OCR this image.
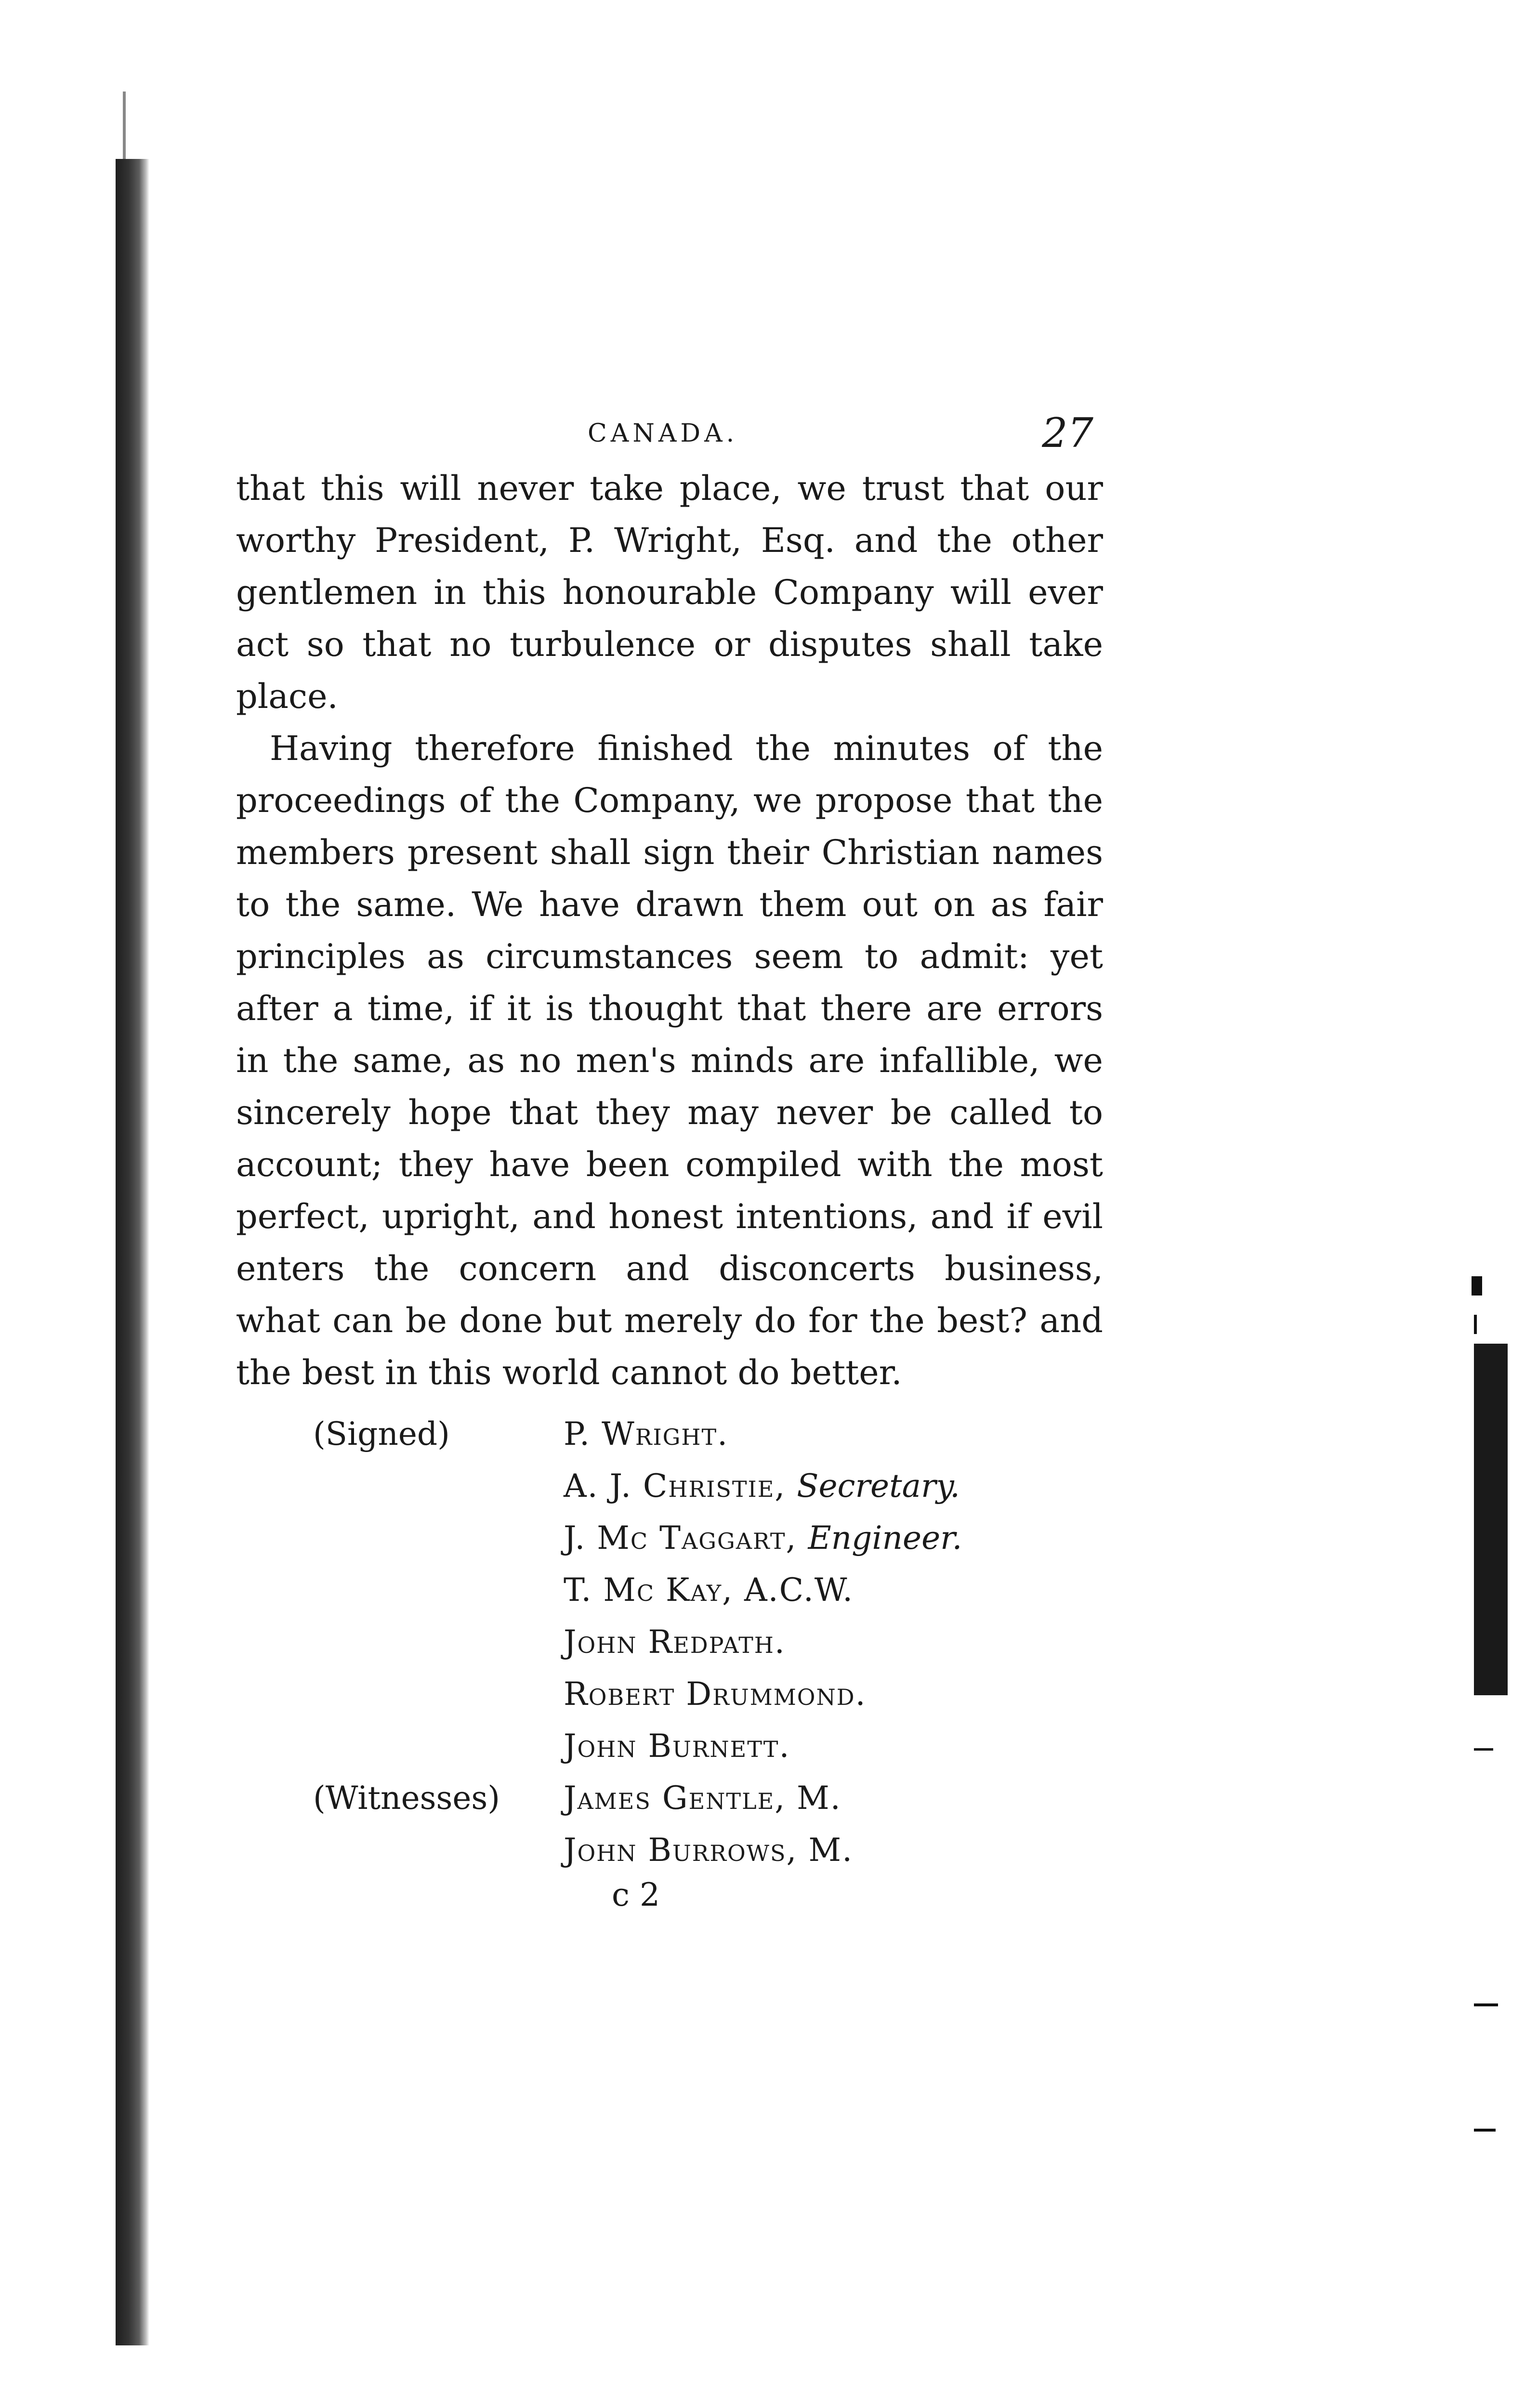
CANADA.	27

that this will never take place, we trust that our worthy President, P. Wright, Esq. and the other gentlemen in this honourable Company will ever act so that no turbulence or disputes shall take place.

Having therefore finished the minutes of the proceedings of the Company, we propose that the members present shall sign their Christian names to the same. We have drawn them out on as fair principles as circumstances seem to admit: yet after a time, if it is thought that there are errors in the same, as no men's minds are infallible, we sincerely hope that they may never be called to account; they have been compiled with the most perfect, upright, and honest intentions, and if evil enters the concern and disconcerts business, what can be done but merely do for the best? and the best in this world cannot do better.

(Signed)	P. Wright.
A. J. Christie, Secretary.
J. Mc Taggart, Engineer.
T. Mc Kay, A.C.W.
John Redpath.
Robert Drummond.
John Burnett.
(Witnesses) James Gentle, M.
John Burrows, M.
c 2
